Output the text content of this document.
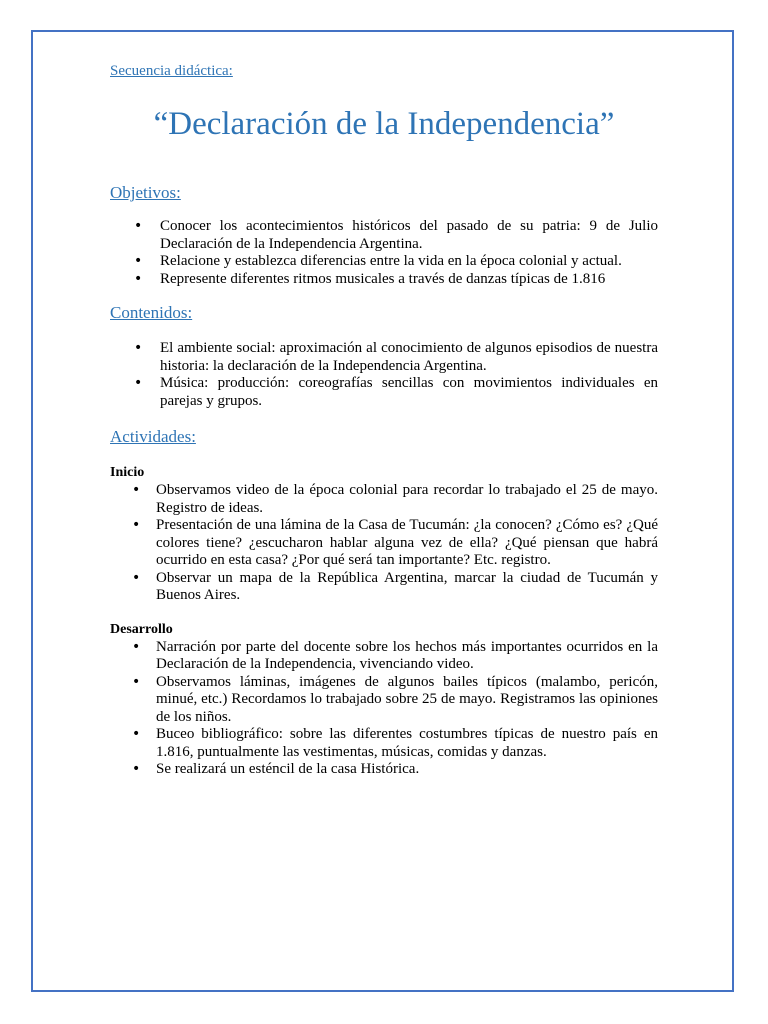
Secuencia didáctica:

“Declaración de la Independencia”
Objetivos:
• Conocer los acontecimientos históricos del pasado de su patria: 9 de Julio Declaración de la Independencia Argentina.
• Relacione y establezca diferencias entre la vida en la época colonial y actual.
• Represente diferentes ritmos musicales a través de danzas típicas de 1.816
Contenidos:
• El ambiente social: aproximación al conocimiento de algunos episodios de nuestra historia: la declaración de la Independencia Argentina.
• Música: producción: coreografías sencillas con movimientos individuales en parejas y grupos.
Actividades:

Inicio

• Observamos video de la época colonial para recordar lo trabajado el 25 de mayo. Registro de ideas.
• Presentación de una lámina de la Casa de Tucumán: ¿la conocen? ¿Cómo es? ¿Qué colores tiene? ¿escucharon hablar alguna vez de ella? ¿Qué piensan que habrá ocurrido en esta casa? ¿Por qué será tan importante? Etc. registro.
• Observar un mapa de la República Argentina, marcar la ciudad de Tucumán y Buenos Aires.

Desarrollo

• Narración por parte del docente sobre los hechos más importantes ocurridos en la Declaración de la Independencia, vivenciando video.
• Observamos láminas, imágenes de algunos bailes típicos (malambo, pericón, minué, etc.) Recordamos lo trabajado sobre 25 de mayo. Registramos las opiniones de los niños.
• Buceo bibliográfico: sobre las diferentes costumbres típicas de nuestro país en 1.816, puntualmente las vestimentas, músicas, comidas y danzas.
• Se realizará un esténcil de la casa Histórica.
